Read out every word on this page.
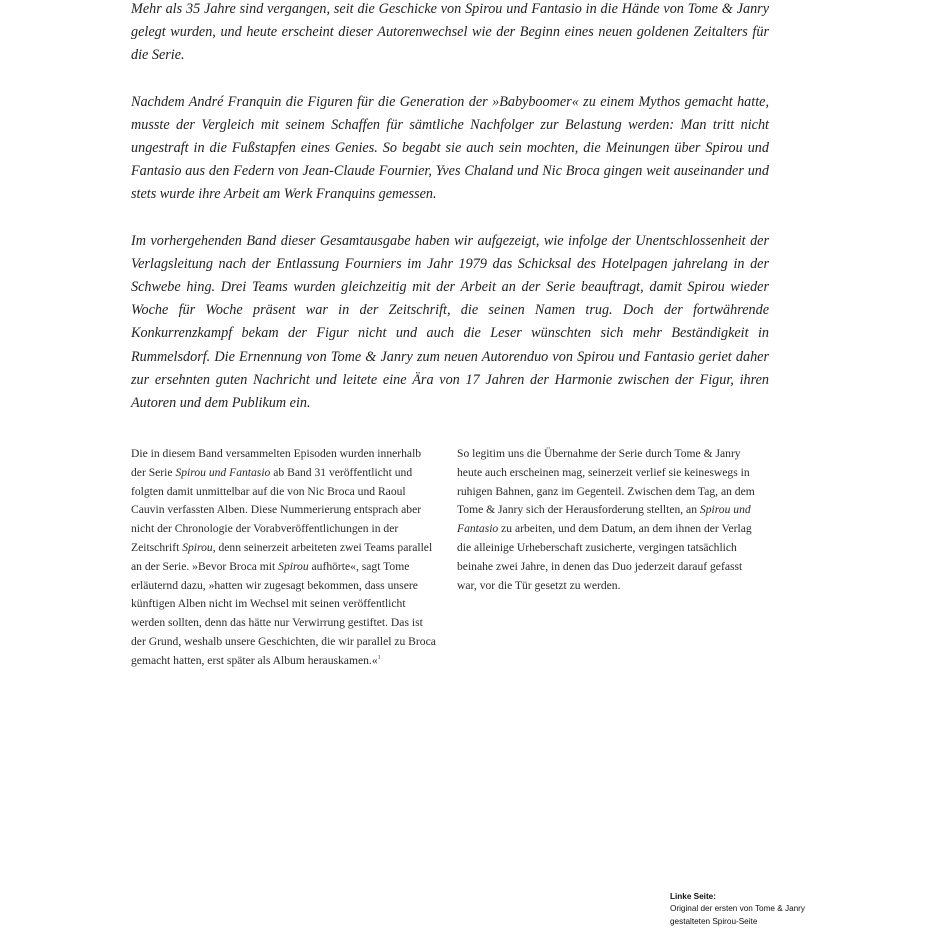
Mehr als 35 Jahre sind vergangen, seit die Geschicke von Spirou und Fantasio in die Hände von Tome & Janry gelegt wurden, und heute erscheint dieser Autorenwechsel wie der Beginn eines neuen goldenen Zeitalters für die Serie.

Nachdem André Franquin die Figuren für die Generation der »Babyboomer« zu einem Mythos gemacht hatte, musste der Vergleich mit seinem Schaffen für sämtliche Nachfolger zur Belastung werden: Man tritt nicht ungestraft in die Fußstapfen eines Genies. So begabt sie auch sein mochten, die Meinungen über Spirou und Fantasio aus den Federn von Jean-Claude Fournier, Yves Chaland und Nic Broca gingen weit auseinander und stets wurde ihre Arbeit am Werk Franquins gemessen.

Im vorhergehenden Band dieser Gesamtausgabe haben wir aufgezeigt, wie infolge der Unentschlossenheit der Verlagsleitung nach der Entlassung Fourniers im Jahr 1979 das Schicksal des Hotelpagen jahrelang in der Schwebe hing. Drei Teams wurden gleichzeitig mit der Arbeit an der Serie beauftragt, damit Spirou wieder Woche für Woche präsent war in der Zeitschrift, die seinen Namen trug. Doch der fortwährende Konkurrenzkampf bekam der Figur nicht und auch die Leser wünschten sich mehr Beständigkeit in Rummelsdorf. Die Ernennung von Tome & Janry zum neuen Autorenduo von Spirou und Fantasio geriet daher zur ersehnten guten Nachricht und leitete eine Ära von 17 Jahren der Harmonie zwischen der Figur, ihren Autoren und dem Publikum ein.

Die in diesem Band versammelten Episoden wurden innerhalb der Serie Spirou und Fantasio ab Band 31 veröffentlicht und folgten damit unmittelbar auf die von Nic Broca und Raoul Cauvin verfassten Alben. Diese Nummerierung entsprach aber nicht der Chronologie der Vorabveröffentlichungen in der Zeitschrift Spirou, denn seinerzeit arbeiteten zwei Teams parallel an der Serie. »Bevor Broca mit Spirou aufhörte«, sagt Tome erläuternd dazu, »hatten wir zugesagt bekommen, dass unsere künftigen Alben nicht im Wechsel mit seinen veröffentlicht werden sollten, denn das hätte nur Verwirrung gestiftet. Das ist der Grund, weshalb unsere Geschichten, die wir parallel zu Broca gemacht hatten, erst später als Album herauskamen.«$^1$

So legitim uns die Übernahme der Serie durch Tome & Janry heute auch erscheinen mag, seinerzeit verlief sie keineswegs in ruhigen Bahnen, ganz im Gegenteil. Zwischen dem Tag, an dem Tome & Janry sich der Herausforderung stellten, an Spirou und Fantasio zu arbeiten, und dem Datum, an dem ihnen der Verlag die alleinige Urheberschaft zusicherte, vergingen tatsächlich beinahe zwei Jahre, in denen das Duo jederzeit darauf gefasst war, vor die Tür gesetzt zu werden.

Linke Seite:
Original der ersten von Tome & Janry
gestalteten Spirou-Seite
